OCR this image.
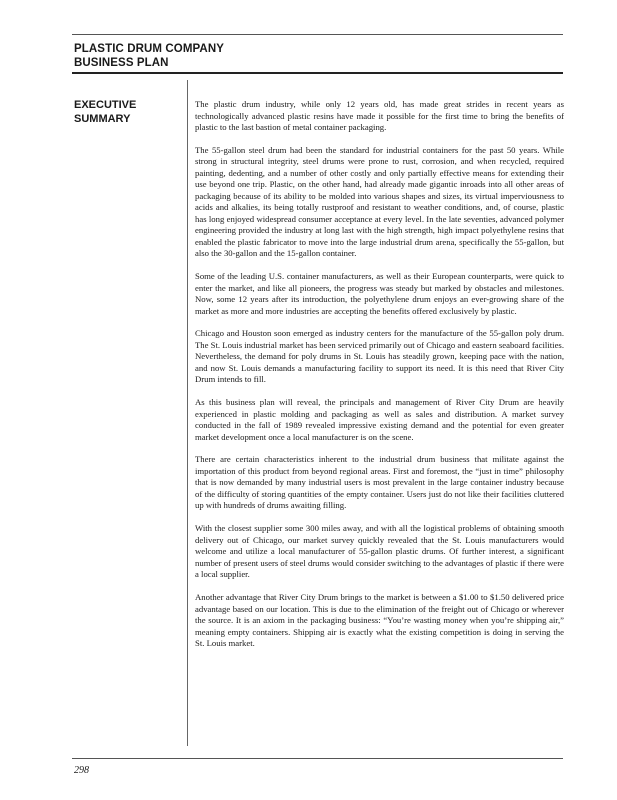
PLASTIC DRUM COMPANY
BUSINESS PLAN
EXECUTIVE
SUMMARY

The plastic drum industry, while only 12 years old, has made great strides in recent years as technologically advanced plastic resins have made it possible for the first time to bring the benefits of plastic to the last bastion of metal container packaging.

The 55-gallon steel drum had been the standard for industrial containers for the past 50 years. While strong in structural integrity, steel drums were prone to rust, corrosion, and when recycled, required painting, dedenting, and a number of other costly and only partially effective means for extending their use beyond one trip. Plastic, on the other hand, had already made gigantic inroads into all other areas of packaging because of its ability to be molded into various shapes and sizes, its virtual imperviousness to acids and alkalies, its being totally rustproof and resistant to weather conditions, and, of course, plastic has long enjoyed widespread consumer acceptance at every level. In the late seventies, advanced polymer engineering provided the industry at long last with the high strength, high impact polyethylene resins that enabled the plastic fabricator to move into the large industrial drum arena, specifically the 55-gallon, but also the 30-gallon and the 15-gallon container.

Some of the leading U.S. container manufacturers, as well as their European counterparts, were quick to enter the market, and like all pioneers, the progress was steady but marked by obstacles and milestones. Now, some 12 years after its introduction, the polyethylene drum enjoys an ever-growing share of the market as more and more industries are accepting the benefits offered exclusively by plastic.

Chicago and Houston soon emerged as industry centers for the manufacture of the 55-gallon poly drum. The St. Louis industrial market has been serviced primarily out of Chicago and eastern seaboard facilities. Nevertheless, the demand for poly drums in St. Louis has steadily grown, keeping pace with the nation, and now St. Louis demands a manufacturing facility to support its need. It is this need that River City Drum intends to fill.

As this business plan will reveal, the principals and management of River City Drum are heavily experienced in plastic molding and packaging as well as sales and distribution. A market survey conducted in the fall of 1989 revealed impressive existing demand and the potential for even greater market development once a local manufacturer is on the scene.

There are certain characteristics inherent to the industrial drum business that militate against the importation of this product from beyond regional areas. First and foremost, the “just in time” philosophy that is now demanded by many industrial users is most prevalent in the large container industry because of the difficulty of storing quantities of the empty container. Users just do not like their facilities cluttered up with hundreds of drums awaiting filling.

With the closest supplier some 300 miles away, and with all the logistical problems of obtaining smooth delivery out of Chicago, our market survey quickly revealed that the St. Louis manufacturers would welcome and utilize a local manufacturer of 55-gallon plastic drums. Of further interest, a significant number of present users of steel drums would consider switching to the advantages of plastic if there were a local supplier.

Another advantage that River City Drum brings to the market is between a $1.00 to $1.50 delivered price advantage based on our location. This is due to the elimination of the freight out of Chicago or wherever the source. It is an axiom in the packaging business: “You’re wasting money when you’re shipping air,” meaning empty containers. Shipping air is exactly what the existing competition is doing in serving the St. Louis market.

298
